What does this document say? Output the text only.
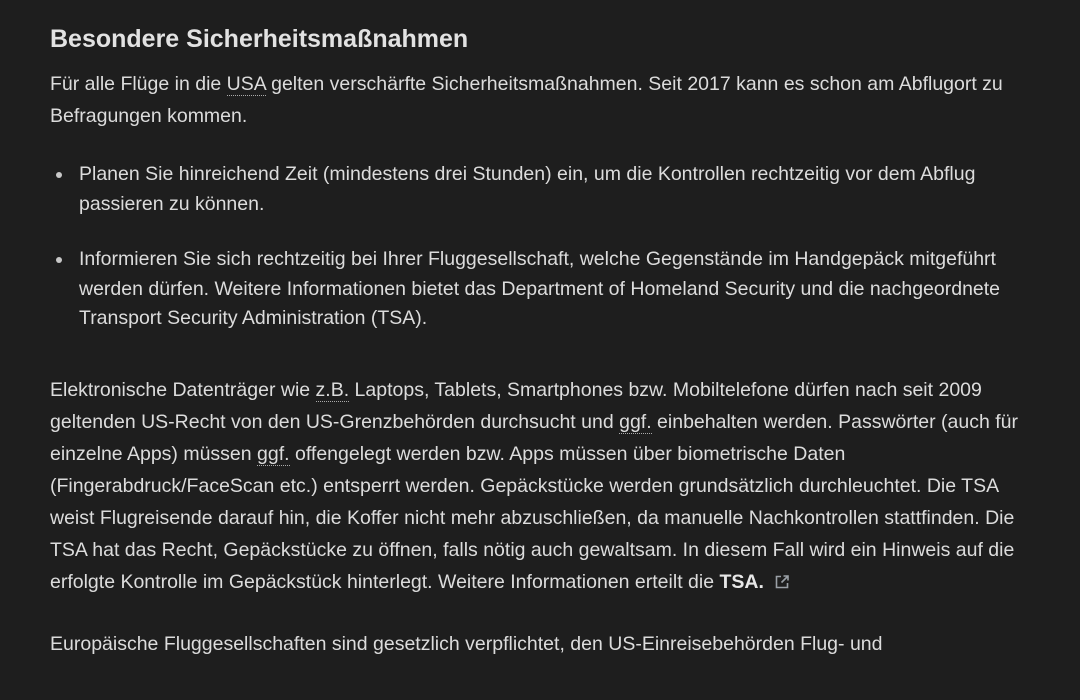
Besondere Sicherheitsmaßnahmen

Für alle Flüge in die USA gelten verschärfte Sicherheitsmaßnahmen. Seit 2017 kann es schon am Abflugort zu Befragungen kommen.

Planen Sie hinreichend Zeit (mindestens drei Stunden) ein, um die Kontrollen rechtzeitig vor dem Abflug passieren zu können.
Informieren Sie sich rechtzeitig bei Ihrer Fluggesellschaft, welche Gegenstände im Handgepäck mitgeführt werden dürfen. Weitere Informationen bietet das Department of Homeland Security und die nachgeordnete Transport Security Administration (TSA).

Elektronische Datenträger wie z.B. Laptops, Tablets, Smartphones bzw. Mobiltelefone dürfen nach seit 2009 geltenden US-Recht von den US-Grenzbehörden durchsucht und ggf. einbehalten werden. Passwörter (auch für einzelne Apps) müssen ggf. offengelegt werden bzw. Apps müssen über biometrische Daten (Fingerabdruck/FaceScan etc.) entsperrt werden. Gepäckstücke werden grundsätzlich durchleuchtet. Die TSA weist Flugreisende darauf hin, die Koffer nicht mehr abzuschließen, da manuelle Nachkontrollen stattfinden. Die TSA hat das Recht, Gepäckstücke zu öffnen, falls nötig auch gewaltsam. In diesem Fall wird ein Hinweis auf die erfolgte Kontrolle im Gepäckstück hinterlegt. Weitere Informationen erteilt die TSA.

Europäische Fluggesellschaften sind gesetzlich verpflichtet, den US-Einreisebehörden Flug- und
